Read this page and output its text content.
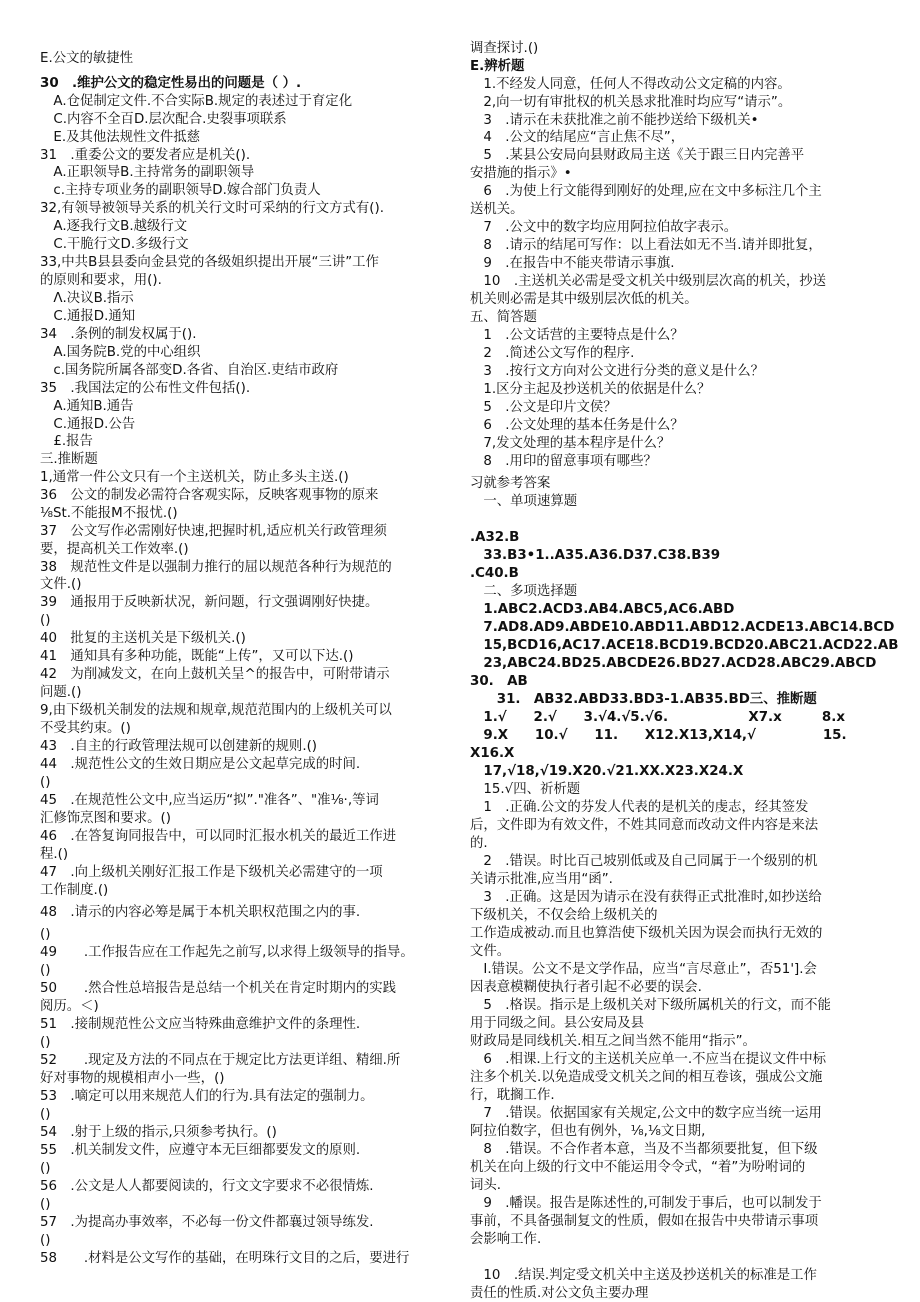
E.公文的敏捷性
30　.维护公文的稳定性易出的问题是（ ）.
　A.仓促制定文件.不合实际B.规定的表述过于育定化
　C.内容不全百D.层次配合.史裂事项联系
　E.及其他法规性文件抵慈
31　.重委公文的要发者应是机关().
　A.正职领导B.主持常务的副职领导
　c.主持专项业务的副职领导D.嫁合部门负责人
32,有领导被领导关系的机关行文时可采纳的行文方式有().
　A.逐我行文B.越级行文
　C.干脆行文D.多级行文
33,中共B县县委向金县党的各级姐织提出开展“三讲”工作
的原则和要求，用().
　Λ.决议B.指示
　C.通报D.通知
34　.条例的制发权属于().
　A.国务院B.党的中心组织
　c.国务院所属各部变D.各省、自治区.吏结市政府
35　.我国法定的公布性文件包括().
　A.通知B.通告
　C.通报D.公告
　£.报告
三.推断题
1,通常一件公文只有一个主送机关，防止多头主送.()
36　公文的制发必需符合客观实际，反映客观事物的原来
⅛St.不能报M不报忧.()
37　公文写作必需刚好快速,把握时机,适应机关行政管理须
要，提高机关工作效率.()
38　规范性文件是以强制力推行的屈以规范各种行为规范的
文件.()
39　通报用于反映新状况，新问题，行文强调刚好快捷。
()
40　批复的主送机关是下级机关.()
41　通知具有多种功能，既能“上传”，又可以下达.()
42　为削减发文，在向上鼓机关呈^的报告中，可附带请示
问题.()
9,由下级机关制发的法规和规章,规范范围内的上级机关可以
不受其约束。()
43　.自主的行政管理法规可以创建新的规则.()
44　.规范性公文的生效日期应是公文起草完成的时间.
()
45　.在规范性公文中,应当运历“拟”."准各”、"准⅛·,等词
汇修饰烹图和要求。()
46　.在答复询同报告中，可以同时汇报水机关的最近工作进
程.()
47　.向上级机关刚好汇报工作是下级机关必需建守的一项
工作制度.()
48　.请示的内容必筹是属于本机关职权范围之内的事.
()
49　　.工作报告应在工作起先之前写,以求得上级领导的指导。
()
50　　.然合性总培报告是总结一个机关在肯定时期内的实践
阅历。＜)
51　.接制规范性公文应当特殊曲意维护文件的条理性.
()
52　　.现定及方法的不同点在于规定比方法更详组、精细.所
好对事物的规模相声小一些，()
53　.嘀定可以用来规范人们的行为.具有法定的强制力。
()
54　.射于上级的指示,只须参考执行。()
55　.机关制发文件，应遵守本无巨细都要发文的原则.
()
56　.公文是人人都要阅读的，行文文字要求不必很情炼.
()
57　.为提高办事效率，不必每一份文件都襄过领导练发.
()
58　　.材料是公文写作的基础，在明珠行文目的之后，要进行
调查探讨.()
E.辨析题
　1.不经发人同意，任何人不得改动公文定稿的内容。
　2,向一切有审批权的机关恳求批准时均应写“请示”。
　3　.请示在未获批准之前不能抄送给下级机关•
　4　.公文的结尾应“言止焦不尽”，
　5　.某县公安局向县财政局主送《关于跟三日内完善平
安措施的指示》•
　6　.为使上行文能得到刚好的处理,应在文中多标注几个主
送机关。
　7　.公文中的数字均应用阿拉伯故字表示。
　8　.请示的结尾可写作：以上看法如无不当.请并即批复，
　9　.在报告中不能夹带请示事旗.
　10　.主送机关必需是受文机关中级别层次高的机关，抄送
机关则必需是其中级别层次低的机关。
五、简答题
　1　.公文话营的主要特点是什么？
　2　.简述公文写作的程序.
　3　.按行文方向对公文进行分类的意义是什么？
　1.区分主起及抄送机关的依据是什么？
　5　.公文是印片文侯？
　6　.公文处理的基本任务是什么？
　7,发文处理的基本程序是什么？
　8　.用印的留意事项有哪些？
习就参考答案
　一、单项速算题
.A32.B
　33.B3•1..A35.A36.D37.C38.B39
.C40.B
　二、多项选择题
　1.ABC2.ACD3.AB4.ABC5,AC6.ABD
　7.AD8.AD9.ABDE10.ABD11.ABD12.ACDE13.ABC14.BCD
　15,BCD16,AC17.ACE18.BCD19.BCD20.ABC21.ACD22.AB
　23,ABC24.BD25.ABCDE26.BD27.ACD28.ABC29.ABCD
30.　AB
　　31.　AB32.ABD33.BD3-1.AB35.BD三、推断题
　1.√　　2.√　　3.√4.√5.√6.　　　　　　X7.x　　　8.x
　9.X　　10.√　　11.　　X12.X13,X14,√　　　　　15.
X16.X
　17,√18,√19.X20.√21.XX.X23.X24.X
　15.√四、祈析题
　1　.正确.公文的芬发人代表的是机关的虔志，经其签发
后，文件即为有效文件，不姓其同意而改动文件内容是来法
的.
　2　.错误。时比百己坡别低或及自己同属于一个级别的机
关请示批准,应当用“函”.
　3　.正确。这是因为请示在没有获得正式批准时,如抄送给
下级机关，不仅会给上级机关的
工作造成被动.而且也算浩使下级机关因为误会而执行无效的
文件。
　I.错误。公文不是文学作品，应当“言尽意止”，否51'].会
因表意模糊使执行者引起不必要的误会.
　5　.格误。指示是上级机关对下级所属机关的行文，而不能
用于同级之间。县公安局及县
财政局是同线机关.相互之间当然不能用“指示”。
　6　.相课.上行文的主送机关应单一.不应当在提议文件中标
注多个机关.以免造成受文机关之间的相互卷该，强成公文施
行，耽搁工作.
　7　.错误。依据国家有关规定,公文中的数字应当统一运用
阿拉伯数字，但也有例外，⅛,⅛文日期,
　8　.错误。不合作者本意，当及不当都须要批复，但下级
机关在向上级的行文中不能运用令令式，“着”为吩咐词的
词头.
　9　.幡误。报告是陈述性的,可制发于事后，也可以制发于
事前，不具备强制复文的性质，假如在报告中央带请示事项
会影响工作.
　10　.结误.判定受文机关中主送及抄送机关的标准是工作
责任的性质.对公文负主要办理
